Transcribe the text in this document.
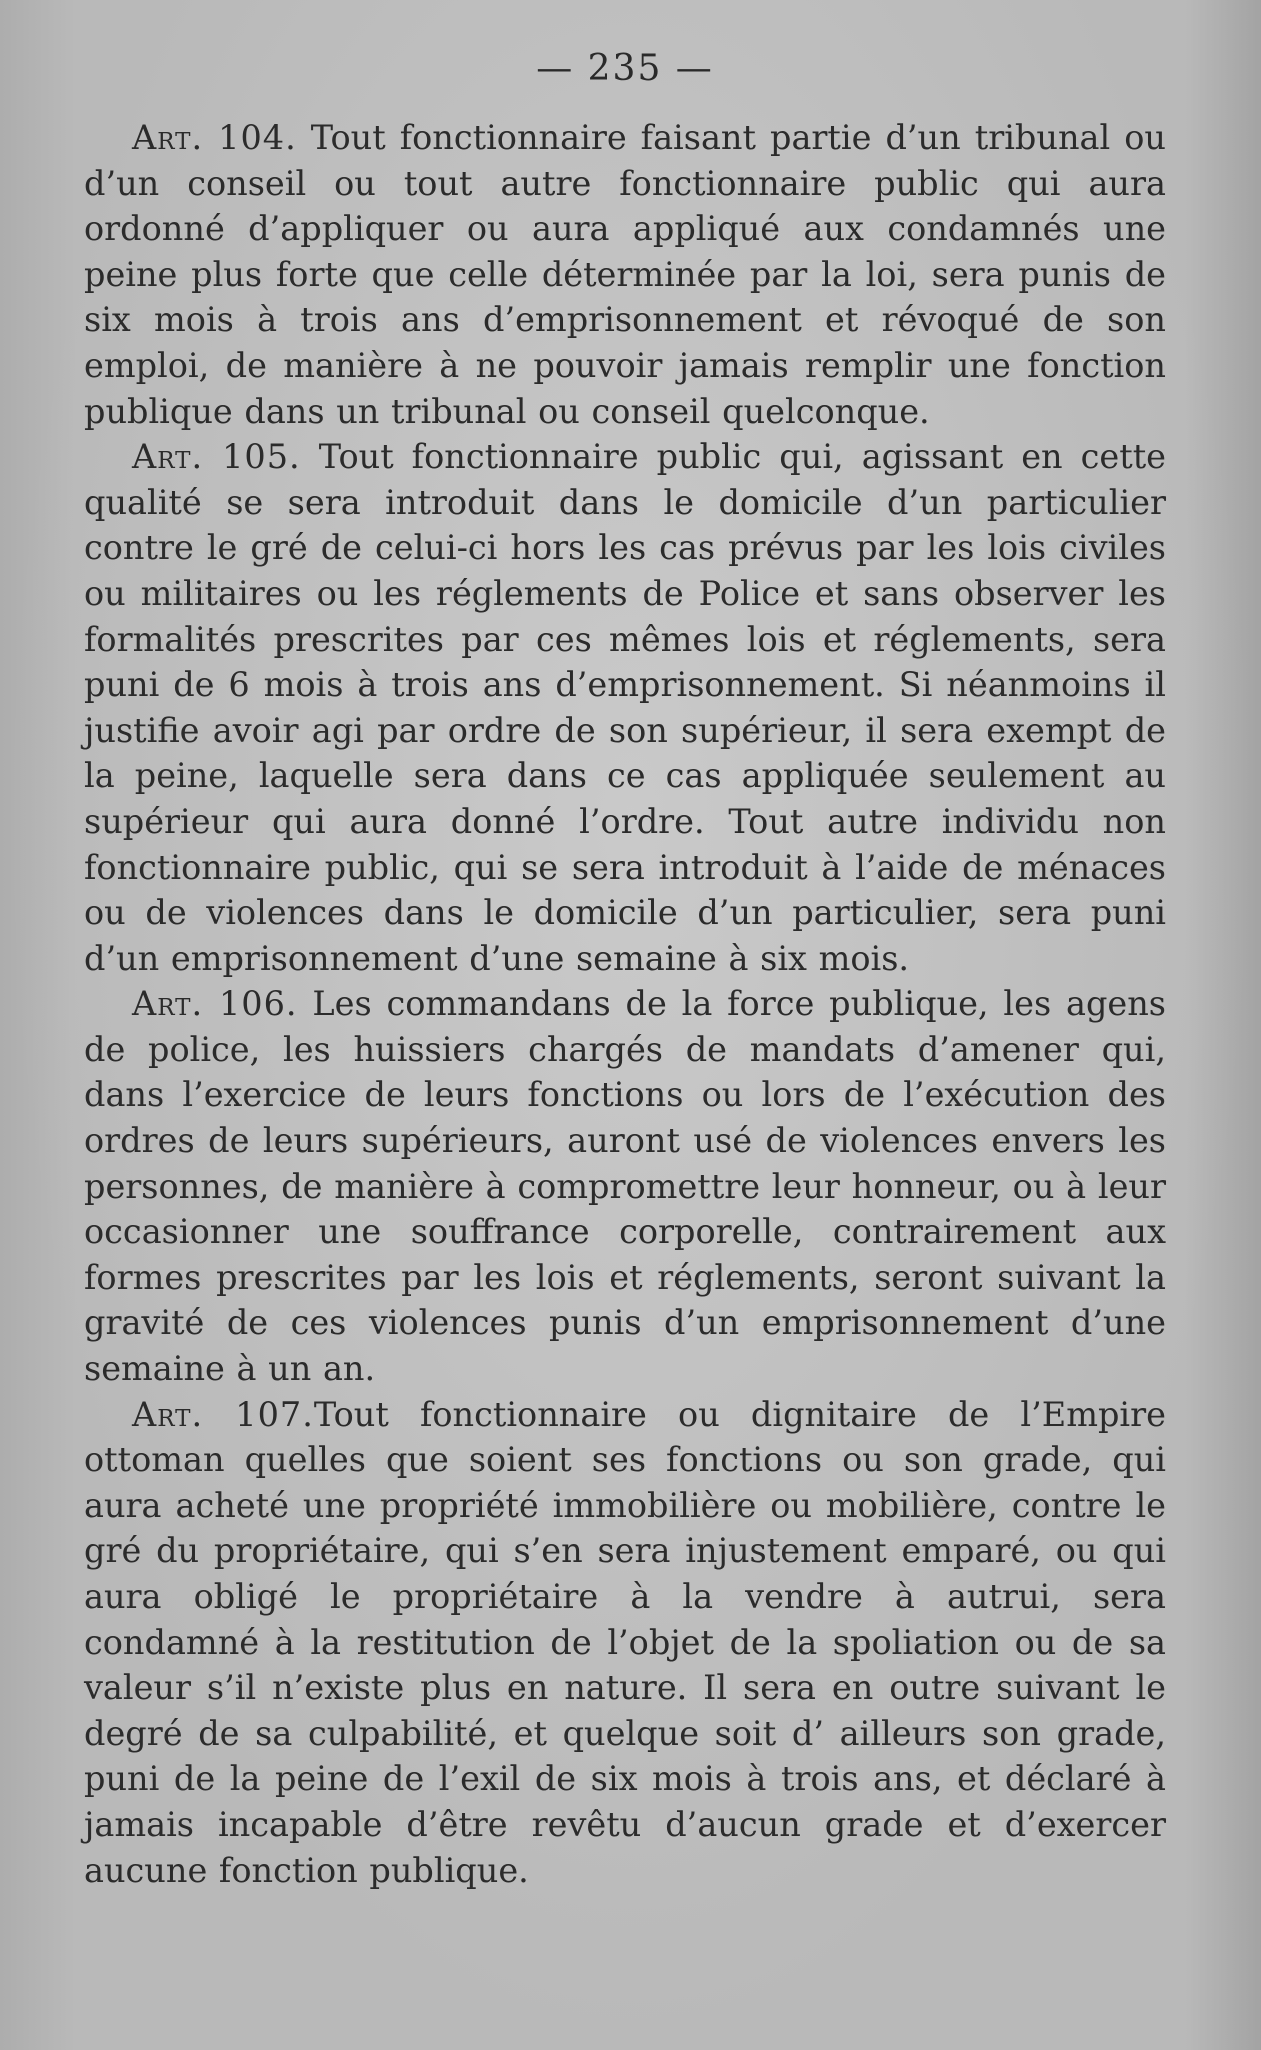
— 235 —

Art. 104. Tout fonctionnaire faisant partie d’un tribunal ou d’un conseil ou tout autre fonctionnaire public qui aura ordonné d’appliquer ou aura appliqué aux condamnés une peine plus forte que celle déterminée par la loi, sera punis de six mois à trois ans d’emprisonnement et révoqué de son emploi, de manière à ne pouvoir jamais remplir une fonction publique dans un tribunal ou conseil quelconque.

Art. 105. Tout fonctionnaire public qui, agissant en cette qualité se sera introduit dans le domicile d’un particulier contre le gré de celui-ci hors les cas prévus par les lois civiles ou militaires ou les réglements de Police et sans observer les formalités prescrites par ces mêmes lois et réglements, sera puni de 6 mois à trois ans d’emprisonnement. Si néanmoins il justifie avoir agi par ordre de son supérieur, il sera exempt de la peine, laquelle sera dans ce cas appliquée seulement au supérieur qui aura donné l’ordre. Tout autre individu non fonctionnaire public, qui se sera introduit à l’aide de ménaces ou de violences dans le domicile d’un particulier, sera puni d’un emprisonnement d’une semaine à six mois.

Art. 106. Les commandans de la force publique, les agens de police, les huissiers chargés de mandats d’amener qui, dans l’exercice de leurs fonctions ou lors de l’exécution des ordres de leurs supérieurs, auront usé de violences envers les personnes, de manière à compromettre leur honneur, ou à leur occasionner une souffrance corporelle, contrairement aux formes prescrites par les lois et réglements, seront suivant la gravité de ces violences punis d’un emprisonnement d’une semaine à un an.

Art. 107.Tout fonctionnaire ou dignitaire de l’Empire ottoman quelles que soient ses fonctions ou son grade, qui aura acheté une propriété immobilière ou mobilière, contre le gré du propriétaire, qui s’en sera injustement emparé, ou qui aura obligé le propriétaire à la vendre à autrui, sera condamné à la restitution de l’objet de la spoliation ou de sa valeur s’il n’existe plus en nature. Il sera en outre suivant le degré de sa culpabilité, et quelque soit d’ ailleurs son grade, puni de la peine de l’exil de six mois à trois ans, et déclaré à jamais incapable d’être revêtu d’aucun grade et d’exercer aucune fonction publique.
